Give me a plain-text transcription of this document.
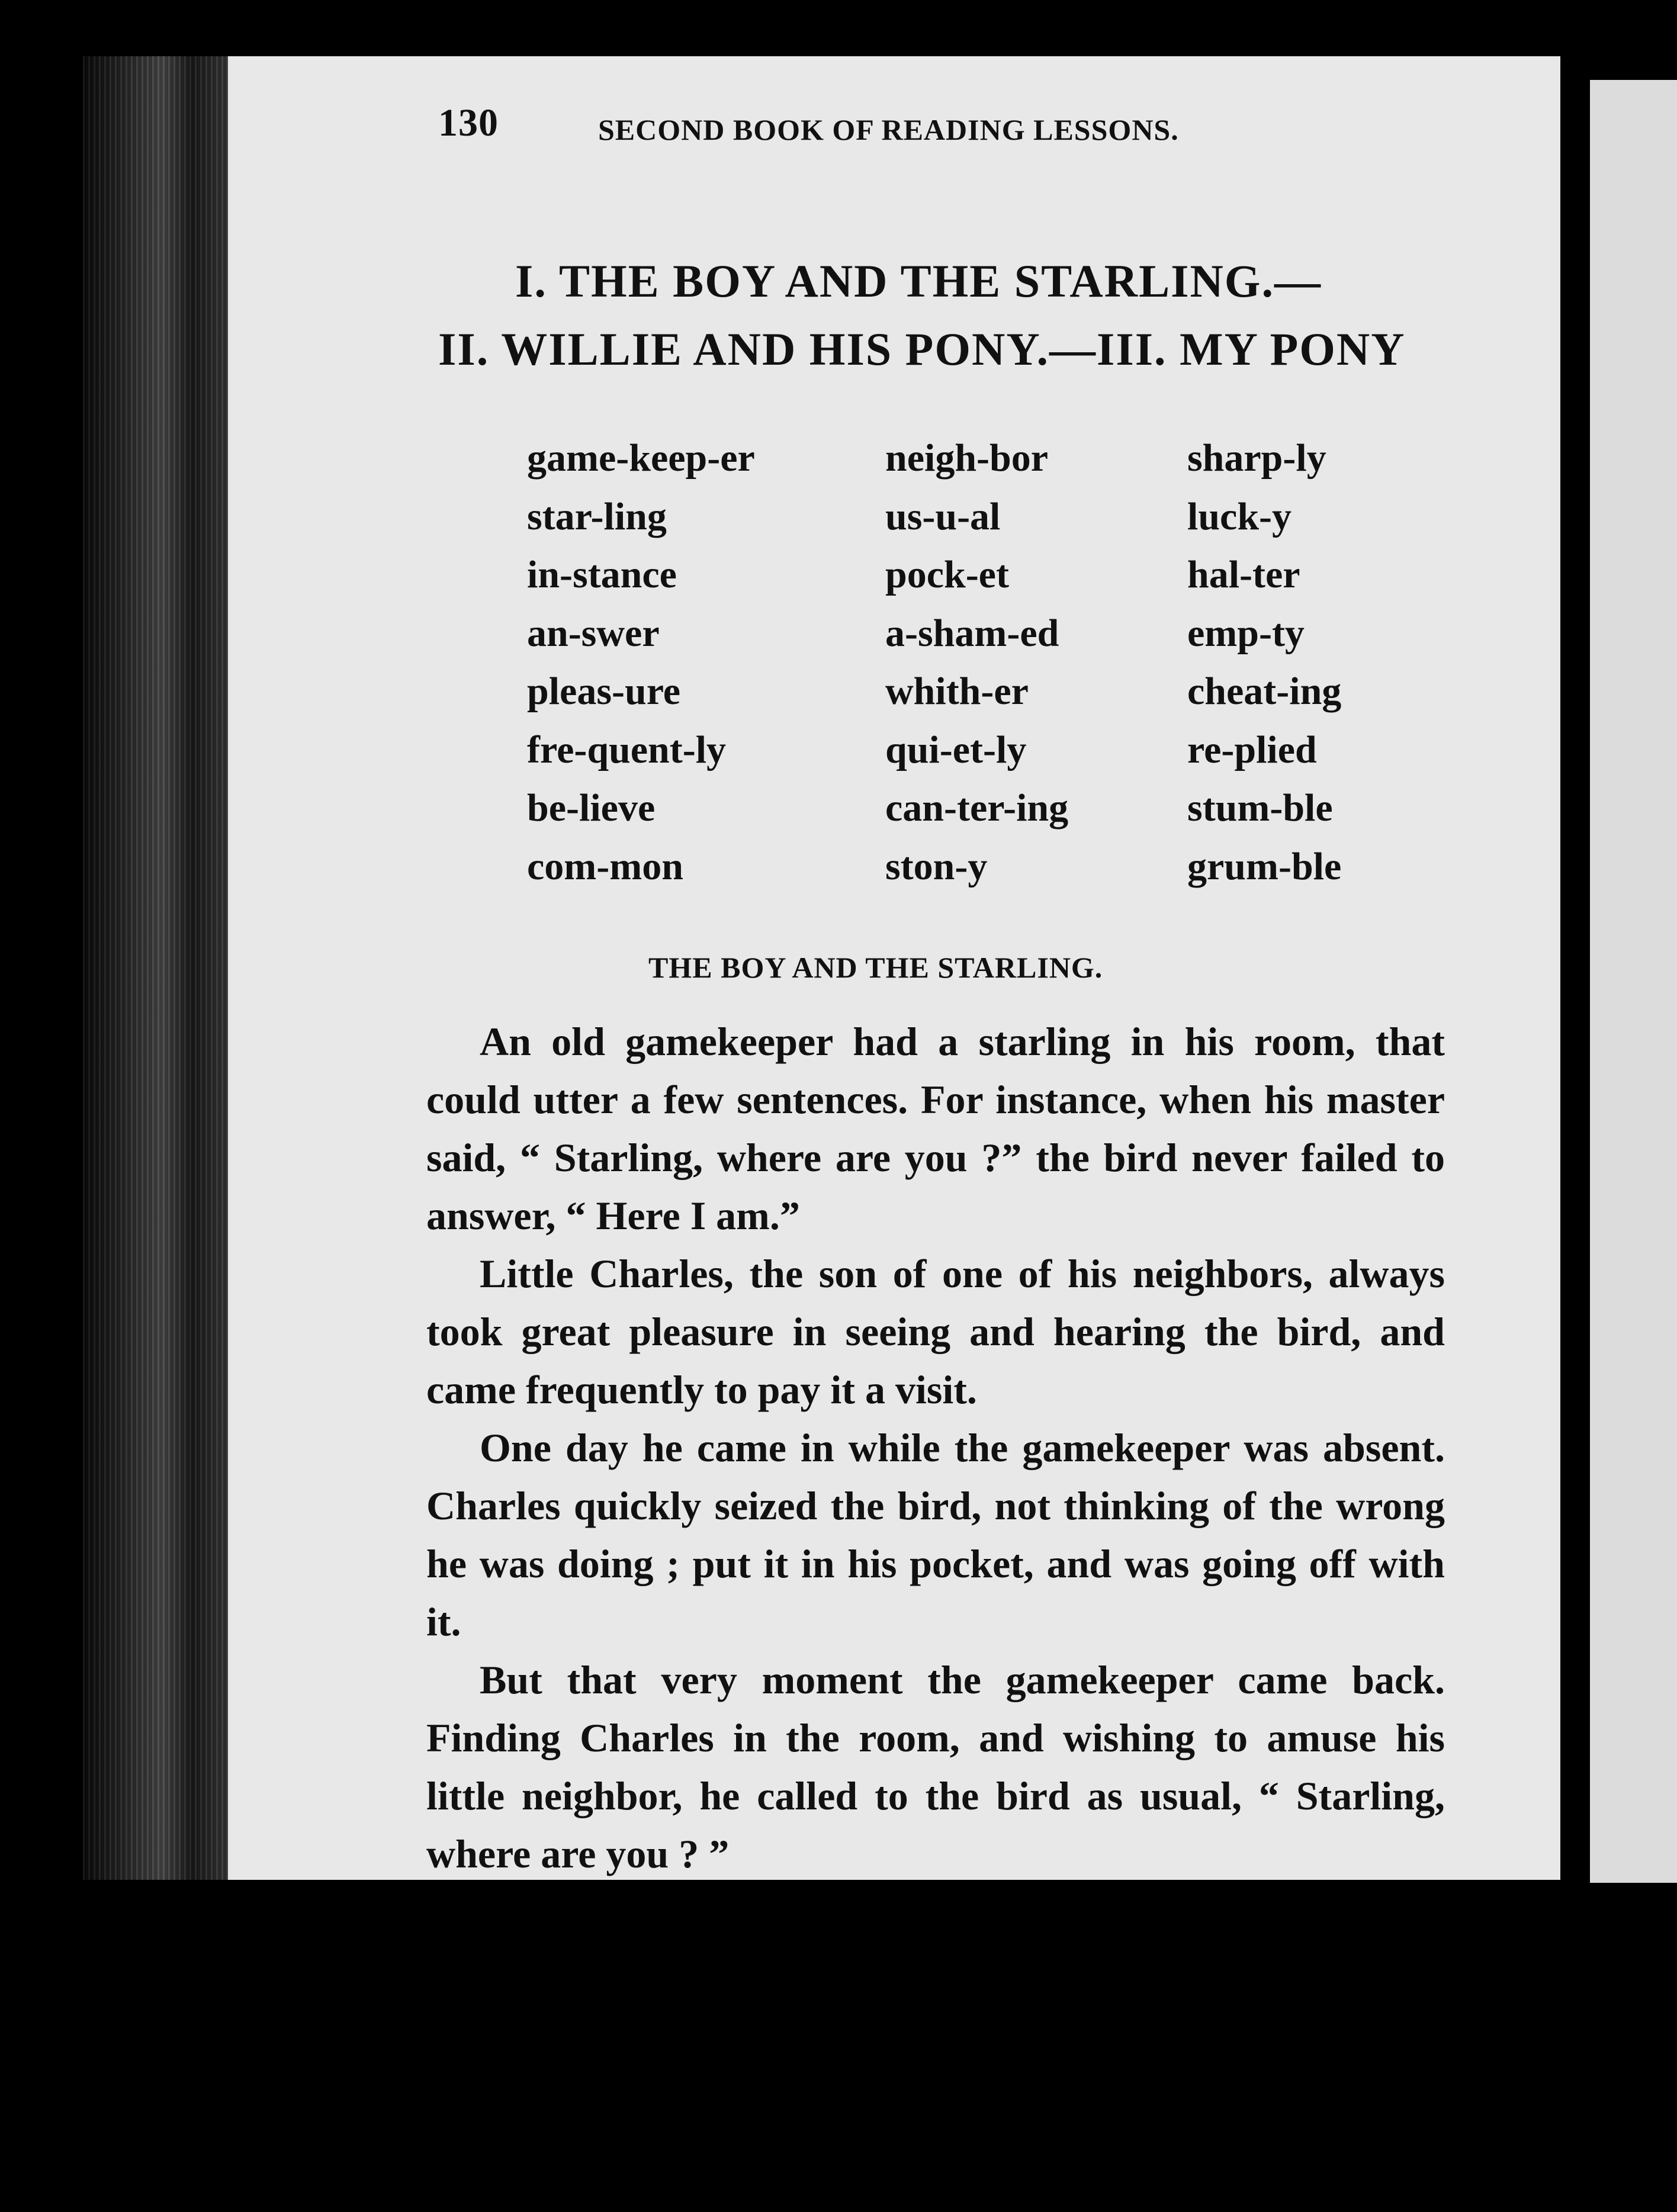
130	SECOND BOOK OF READING LESSONS.
I. THE BOY AND THE STARLING.—
II. WILLIE AND HIS PONY.—III. MY PONY
game-keep-er
star-ling
in-stance
an-swer
pleas-ure
fre-quent-ly
be-lieve
com-mon
neigh-bor
us-u-al
pock-et
a-sham-ed
whith-er
qui-et-ly
can-ter-ing
ston-y
sharp-ly
luck-y
hal-ter
emp-ty
cheat-ing
re-plied
stum-ble
grum-ble
THE BOY AND THE STARLING.

An old gamekeeper had a starling in his room, that could utter a few sentences. For instance, when his master said, “ Starling, where are you ?” the bird never failed to answer, “ Here I am.”

Little Charles, the son of one of his neighbors, always took great pleasure in seeing and hearing the bird, and came frequently to pay it a visit.

One day he came in while the gamekeeper was absent. Charles quickly seized the bird, not thinking of the wrong he was doing ; put it in his pocket, and was going off with it.

But that very moment the gamekeeper came back. Finding Charles in the room, and wishing to amuse his little neighbor, he called to the bird as usual, “ Starling, where are you ? ”
